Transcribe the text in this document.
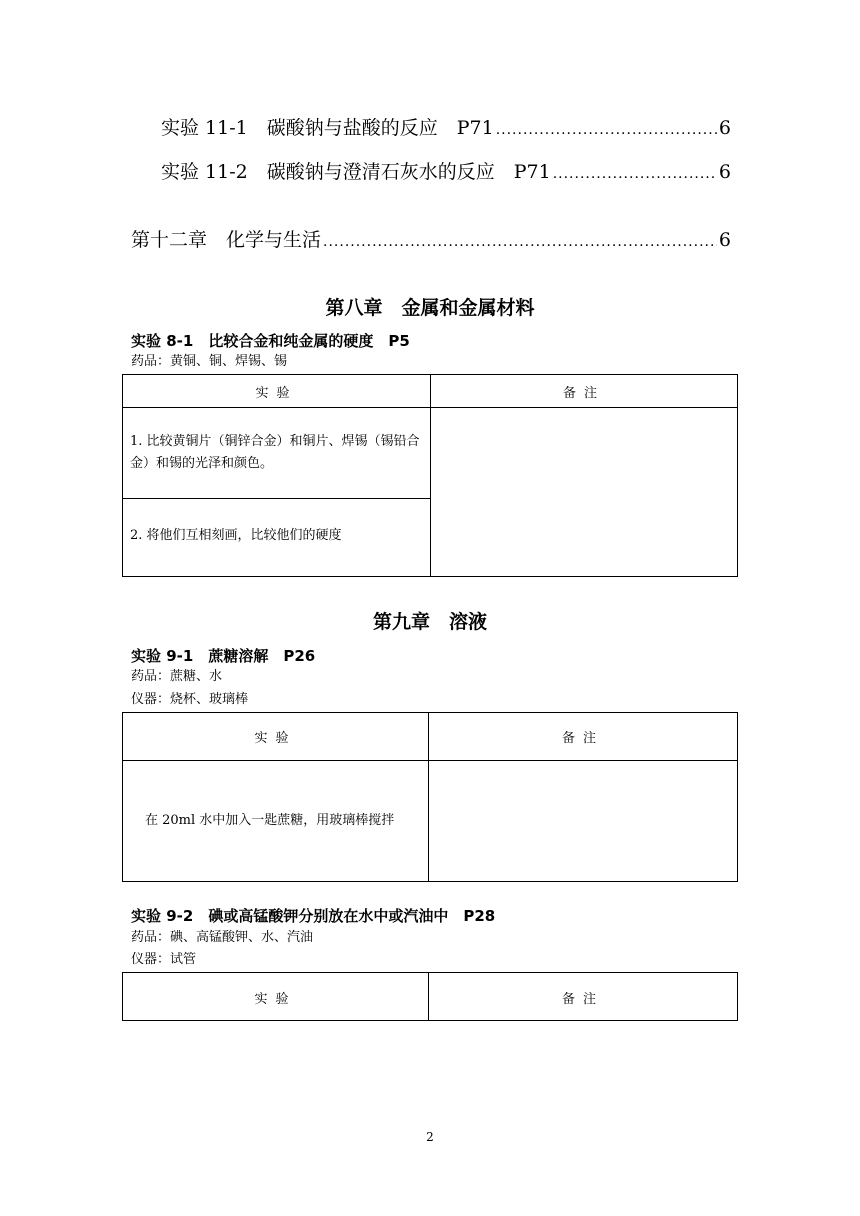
实验 11-1　碳酸钠与盐酸的反应　P71 .....	6
实验 11-2　碳酸钠与澄清石灰水的反应　P71 .....	6
第十二章　化学与生活 .....	6
第八章　金属和金属材料
实验 8-1　比较合金和纯金属的硬度　P5
药品：黄铜、铜、焊锡、锡
实验	备注
1. 比较黄铜片（铜锌合金）和铜片、焊锡（锡铅合金）和锡的光泽和颜色。
2. 将他们互相刻画，比较他们的硬度
第九章　溶液
实验 9-1　蔗糖溶解　P26
药品：蔗糖、水
仪器：烧杯、玻璃棒
实验	备注
在 20ml 水中加入一匙蔗糖，用玻璃棒搅拌
实验 9-2　碘或高锰酸钾分别放在水中或汽油中　P28
药品：碘、高锰酸钾、水、汽油
仪器：试管
实验	备注
2
